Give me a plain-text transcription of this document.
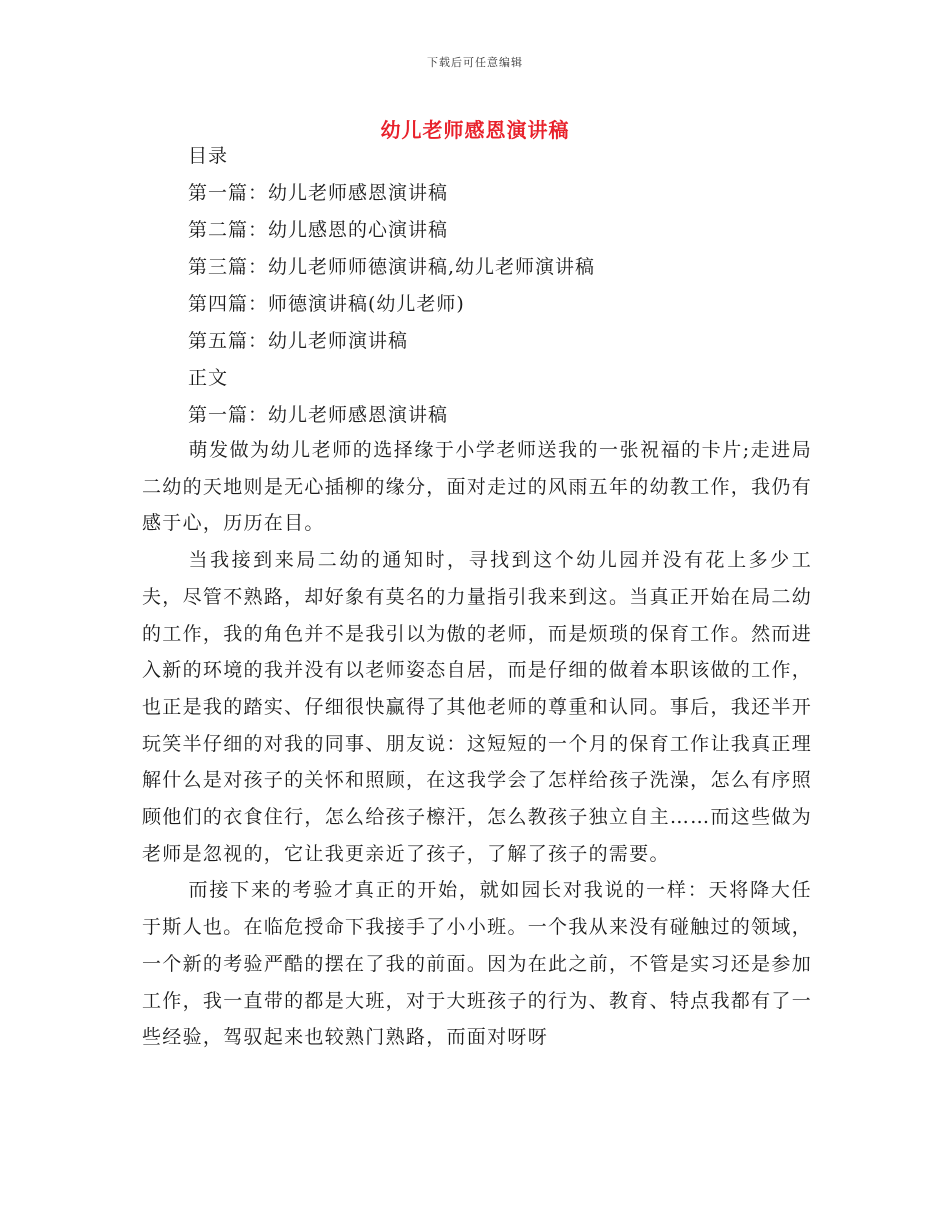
下载后可任意编辑
幼儿老师感恩演讲稿
目录
第一篇：幼儿老师感恩演讲稿
第二篇：幼儿感恩的心演讲稿
第三篇：幼儿老师师德演讲稿,幼儿老师演讲稿
第四篇：师德演讲稿(幼儿老师)
第五篇：幼儿老师演讲稿
正文
第一篇：幼儿老师感恩演讲稿

萌发做为幼儿老师的选择缘于小学老师送我的一张祝福的卡片;走进局二幼的天地则是无心插柳的缘分，面对走过的风雨五年的幼教工作，我仍有感于心，历历在目。

当我接到来局二幼的通知时，寻找到这个幼儿园并没有花上多少工夫，尽管不熟路，却好象有莫名的力量指引我来到这。当真正开始在局二幼的工作，我的角色并不是我引以为傲的老师，而是烦琐的保育工作。然而进入新的环境的我并没有以老师姿态自居，而是仔细的做着本职该做的工作，也正是我的踏实、仔细很快赢得了其他老师的尊重和认同。事后，我还半开玩笑半仔细的对我的同事、朋友说：这短短的一个月的保育工作让我真正理解什么是对孩子的关怀和照顾，在这我学会了怎样给孩子洗澡，怎么有序照顾他们的衣食住行，怎么给孩子檫汗，怎么教孩子独立自主……而这些做为老师是忽视的，它让我更亲近了孩子，了解了孩子的需要。

而接下来的考验才真正的开始，就如园长对我说的一样：天将降大任于斯人也。在临危授命下我接手了小小班。一个我从来没有碰触过的领域，一个新的考验严酷的摆在了我的前面。因为在此之前，不管是实习还是参加工作，我一直带的都是大班，对于大班孩子的行为、教育、特点我都有了一些经验，驾驭起来也较熟门熟路，而面对呀呀
